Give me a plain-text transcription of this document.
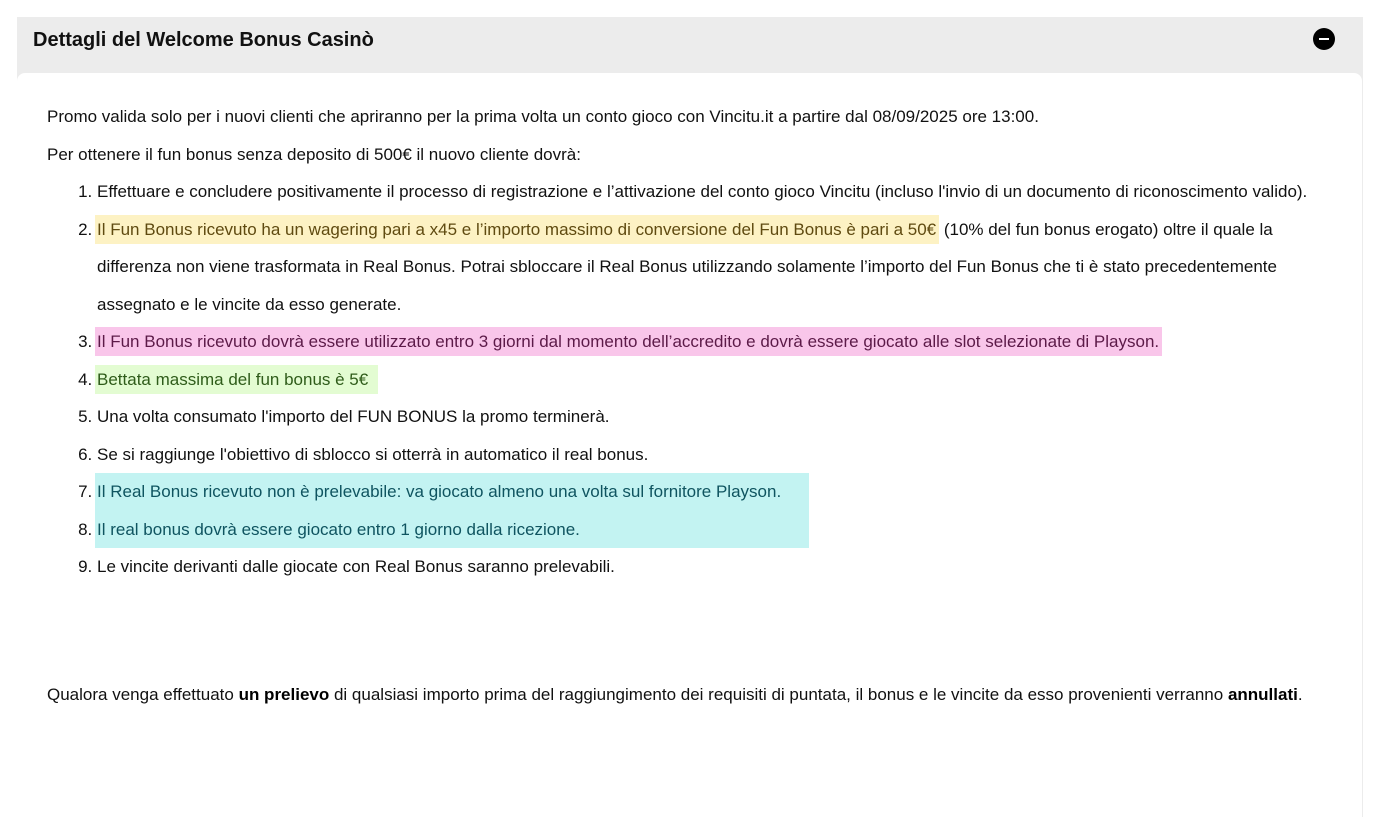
Dettagli del Welcome Bonus Casinò

Promo valida solo per i nuovi clienti che apriranno per la prima volta un conto gioco con Vincitu.it a partire dal 08/09/2025 ore 13:00.

Per ottenere il fun bonus senza deposito di 500€ il nuovo cliente dovrà:

1. Effettuare e concludere positivamente il processo di registrazione e l’attivazione del conto gioco Vincitu (incluso l'invio di un documento di riconoscimento valido).
2. Il Fun Bonus ricevuto ha un wagering pari a x45 e l’importo massimo di conversione del Fun Bonus è pari a 50€ (10% del fun bonus erogato) oltre il quale la differenza non viene trasformata in Real Bonus. Potrai sbloccare il Real Bonus utilizzando solamente l’importo del Fun Bonus che ti è stato precedentemente assegnato e le vincite da esso generate.
3. Il Fun Bonus ricevuto dovrà essere utilizzato entro 3 giorni dal momento dell’accredito e dovrà essere giocato alle slot selezionate di Playson.
4. Bettata massima del fun bonus è 5€
5. Una volta consumato l'importo del FUN BONUS la promo terminerà.
6. Se si raggiunge l'obiettivo di sblocco si otterrà in automatico il real bonus.
7. Il Real Bonus ricevuto non è prelevabile: va giocato almeno una volta sul fornitore Playson.
8. Il real bonus dovrà essere giocato entro 1 giorno dalla ricezione.
9. Le vincite derivanti dalle giocate con Real Bonus saranno prelevabili.

Qualora venga effettuato un prelievo di qualsiasi importo prima del raggiungimento dei requisiti di puntata, il bonus e le vincite da esso provenienti verranno annullati.
